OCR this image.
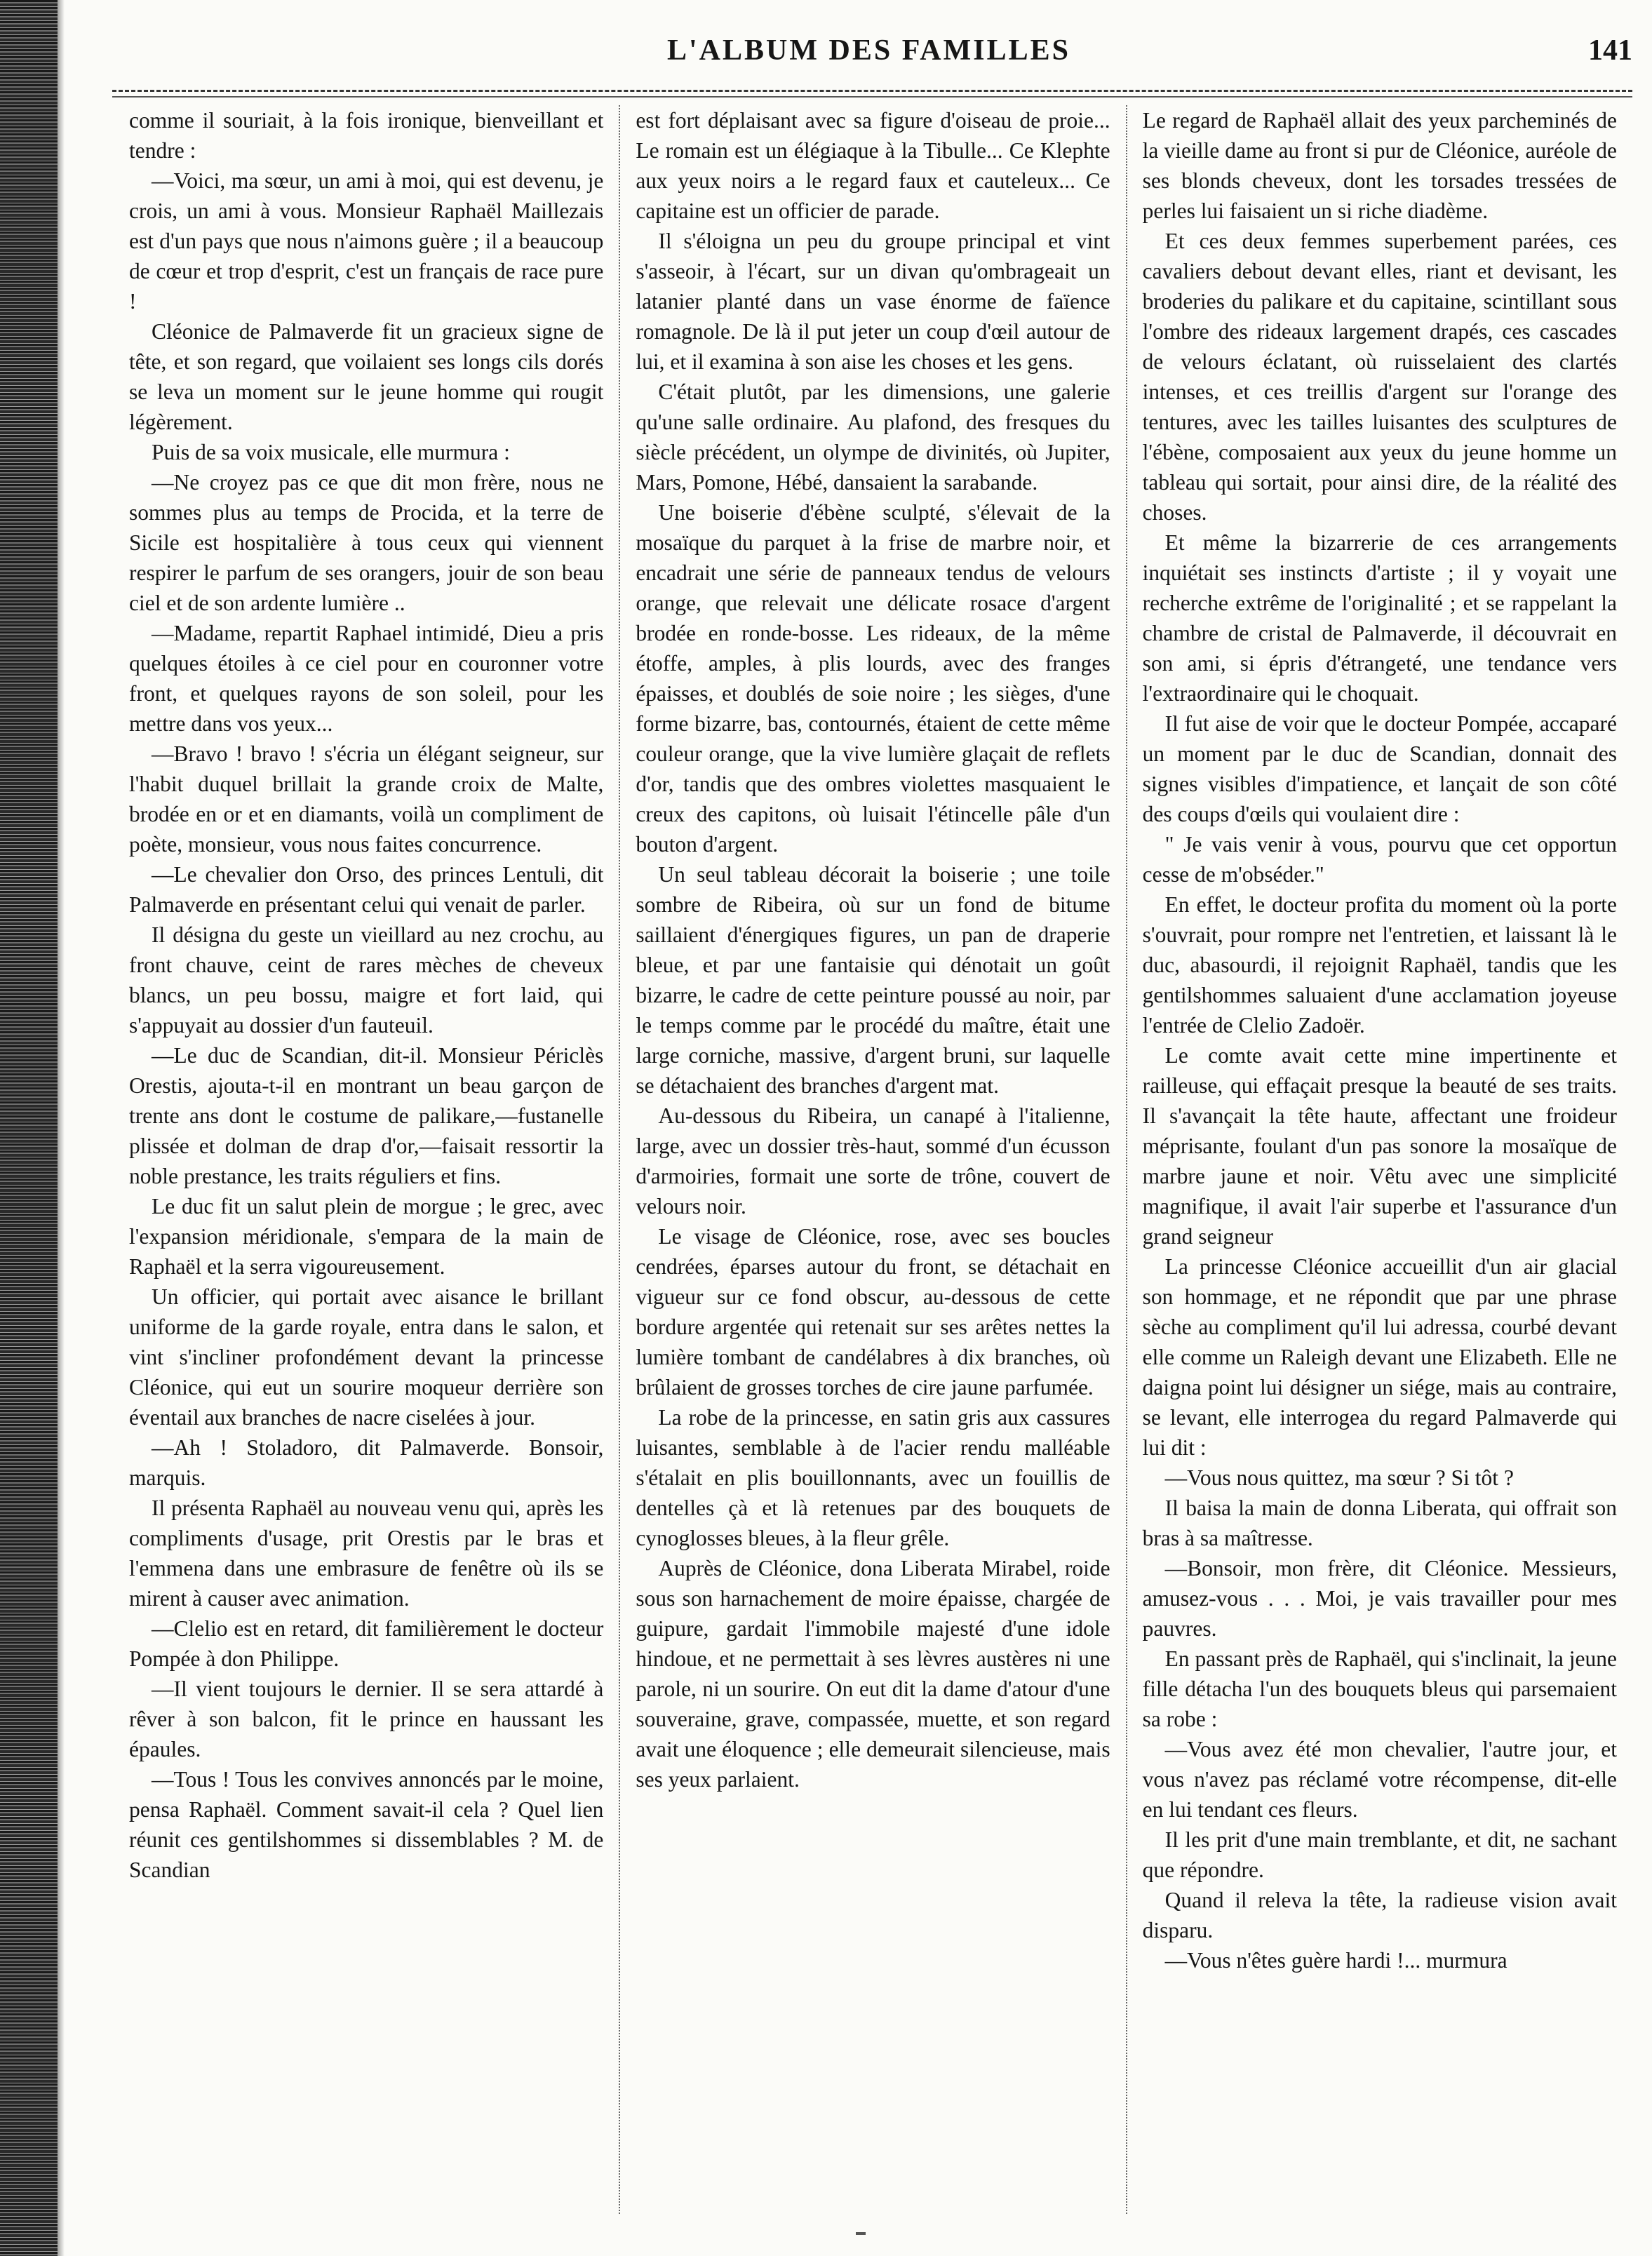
L'ALBUM DES FAMILLES	141

comme il souriait, à la fois ironique, bienveillant et tendre :

—Voici, ma sœur, un ami à moi, qui est devenu, je crois, un ami à vous. Monsieur Raphaël Maillezais est d'un pays que nous n'aimons guère ; il a beaucoup de cœur et trop d'esprit, c'est un français de race pure !

Cléonice de Palmaverde fit un gracieux signe de tête, et son regard, que voilaient ses longs cils dorés se leva un moment sur le jeune homme qui rougit légèrement.

Puis de sa voix musicale, elle murmura :

—Ne croyez pas ce que dit mon frère, nous ne sommes plus au temps de Procida, et la terre de Sicile est hospitalière à tous ceux qui viennent respirer le parfum de ses orangers, jouir de son beau ciel et de son ardente lumière ..

—Madame, repartit Raphael intimidé, Dieu a pris quelques étoiles à ce ciel pour en couronner votre front, et quelques rayons de son soleil, pour les mettre dans vos yeux...

—Bravo ! bravo ! s'écria un élégant seigneur, sur l'habit duquel brillait la grande croix de Malte, brodée en or et en diamants, voilà un compliment de poète, monsieur, vous nous faites concurrence.

—Le chevalier don Orso, des princes Lentuli, dit Palmaverde en présentant celui qui venait de parler.

Il désigna du geste un vieillard au nez crochu, au front chauve, ceint de rares mèches de cheveux blancs, un peu bossu, maigre et fort laid, qui s'appuyait au dossier d'un fauteuil.

—Le duc de Scandian, dit-il. Monsieur Périclès Orestis, ajouta-t-il en montrant un beau garçon de trente ans dont le costume de palikare,—fustanelle plissée et dolman de drap d'or,—faisait ressortir la noble prestance, les traits réguliers et fins.

Le duc fit un salut plein de morgue ; le grec, avec l'expansion méridionale, s'empara de la main de Raphaël et la serra vigoureusement.

Un officier, qui portait avec aisance le brillant uniforme de la garde royale, entra dans le salon, et vint s'incliner profondément devant la princesse Cléonice, qui eut un sourire moqueur derrière son éventail aux branches de nacre ciselées à jour.

—Ah ! Stoladoro, dit Palmaverde. Bonsoir, marquis.

Il présenta Raphaël au nouveau venu qui, après les compliments d'usage, prit Orestis par le bras et l'emmena dans une embrasure de fenêtre où ils se mirent à causer avec animation.

—Clelio est en retard, dit familièrement le docteur Pompée à don Philippe.

—Il vient toujours le dernier. Il se sera attardé à rêver à son balcon, fit le prince en haussant les épaules.

—Tous ! Tous les convives annoncés par le moine, pensa Raphaël. Comment savait-il cela ? Quel lien réunit ces gentilshommes si dissemblables ? M. de Scandian

est fort déplaisant avec sa figure d'oiseau de proie... Le romain est un élégiaque à la Tibulle... Ce Klephte aux yeux noirs a le regard faux et cauteleux... Ce capitaine est un officier de parade.

Il s'éloigna un peu du groupe principal et vint s'asseoir, à l'écart, sur un divan qu'ombrageait un latanier planté dans un vase énorme de faïence romagnole. De là il put jeter un coup d'œil autour de lui, et il examina à son aise les choses et les gens.

C'était plutôt, par les dimensions, une galerie qu'une salle ordinaire. Au plafond, des fresques du siècle précédent, un olympe de divinités, où Jupiter, Mars, Pomone, Hébé, dansaient la sarabande.

Une boiserie d'ébène sculpté, s'élevait de la mosaïque du parquet à la frise de marbre noir, et encadrait une série de panneaux tendus de velours orange, que relevait une délicate rosace d'argent brodée en ronde-bosse. Les rideaux, de la même étoffe, amples, à plis lourds, avec des franges épaisses, et doublés de soie noire ; les sièges, d'une forme bizarre, bas, contournés, étaient de cette même couleur orange, que la vive lumière glaçait de reflets d'or, tandis que des ombres violettes masquaient le creux des capitons, où luisait l'étincelle pâle d'un bouton d'argent.

Un seul tableau décorait la boiserie ; une toile sombre de Ribeira, où sur un fond de bitume saillaient d'énergiques figures, un pan de draperie bleue, et par une fantaisie qui dénotait un goût bizarre, le cadre de cette peinture poussé au noir, par le temps comme par le procédé du maître, était une large corniche, massive, d'argent bruni, sur laquelle se détachaient des branches d'argent mat.

Au-dessous du Ribeira, un canapé à l'italienne, large, avec un dossier très-haut, sommé d'un écusson d'armoiries, formait une sorte de trône, couvert de velours noir.

Le visage de Cléonice, rose, avec ses boucles cendrées, éparses autour du front, se détachait en vigueur sur ce fond obscur, au-dessous de cette bordure argentée qui retenait sur ses arêtes nettes la lumière tombant de candélabres à dix branches, où brûlaient de grosses torches de cire jaune parfumée.

La robe de la princesse, en satin gris aux cassures luisantes, semblable à de l'acier rendu malléable s'étalait en plis bouillonnants, avec un fouillis de dentelles çà et là retenues par des bouquets de cynoglosses bleues, à la fleur grêle.

Auprès de Cléonice, dona Liberata Mirabel, roide sous son harnachement de moire épaisse, chargée de guipure, gardait l'immobile majesté d'une idole hindoue, et ne permettait à ses lèvres austères ni une parole, ni un sourire. On eut dit la dame d'atour d'une souveraine, grave, compassée, muette, et son regard avait une éloquence ; elle demeurait silencieuse, mais ses yeux parlaient.

Le regard de Raphaël allait des yeux parcheminés de la vieille dame au front si pur de Cléonice, auréole de ses blonds cheveux, dont les torsades tressées de perles lui faisaient un si riche diadème.

Et ces deux femmes superbement parées, ces cavaliers debout devant elles, riant et devisant, les broderies du palikare et du capitaine, scintillant sous l'ombre des rideaux largement drapés, ces cascades de velours éclatant, où ruisselaient des clartés intenses, et ces treillis d'argent sur l'orange des tentures, avec les tailles luisantes des sculptures de l'ébène, composaient aux yeux du jeune homme un tableau qui sortait, pour ainsi dire, de la réalité des choses.

Et même la bizarrerie de ces arrangements inquiétait ses instincts d'artiste ; il y voyait une recherche extrême de l'originalité ; et se rappelant la chambre de cristal de Palmaverde, il découvrait en son ami, si épris d'étrangeté, une tendance vers l'extraordinaire qui le choquait.

Il fut aise de voir que le docteur Pompée, accaparé un moment par le duc de Scandian, donnait des signes visibles d'impatience, et lançait de son côté des coups d'œils qui voulaient dire :

" Je vais venir à vous, pourvu que cet opportun cesse de m'obséder."

En effet, le docteur profita du moment où la porte s'ouvrait, pour rompre net l'entretien, et laissant là le duc, abasourdi, il rejoignit Raphaël, tandis que les gentilshommes saluaient d'une acclamation joyeuse l'entrée de Clelio Zadoër.

Le comte avait cette mine impertinente et railleuse, qui effaçait presque la beauté de ses traits. Il s'avançait la tête haute, affectant une froideur méprisante, foulant d'un pas sonore la mosaïque de marbre jaune et noir. Vêtu avec une simplicité magnifique, il avait l'air superbe et l'assurance d'un grand seigneur

La princesse Cléonice accueillit d'un air glacial son hommage, et ne répondit que par une phrase sèche au compliment qu'il lui adressa, courbé devant elle comme un Raleigh devant une Elizabeth. Elle ne daigna point lui désigner un siége, mais au contraire, se levant, elle interrogea du regard Palmaverde qui lui dit :

—Vous nous quittez, ma sœur ? Si tôt ?

Il baisa la main de donna Liberata, qui offrait son bras à sa maîtresse.

—Bonsoir, mon frère, dit Cléonice. Messieurs, amusez-vous . . . Moi, je vais travailler pour mes pauvres.

En passant près de Raphaël, qui s'inclinait, la jeune fille détacha l'un des bouquets bleus qui parsemaient sa robe :

—Vous avez été mon chevalier, l'autre jour, et vous n'avez pas réclamé votre récompense, dit-elle en lui tendant ces fleurs.

Il les prit d'une main tremblante, et dit, ne sachant que répondre.

Quand il releva la tête, la radieuse vision avait disparu.

—Vous n'êtes guère hardi !... murmura
